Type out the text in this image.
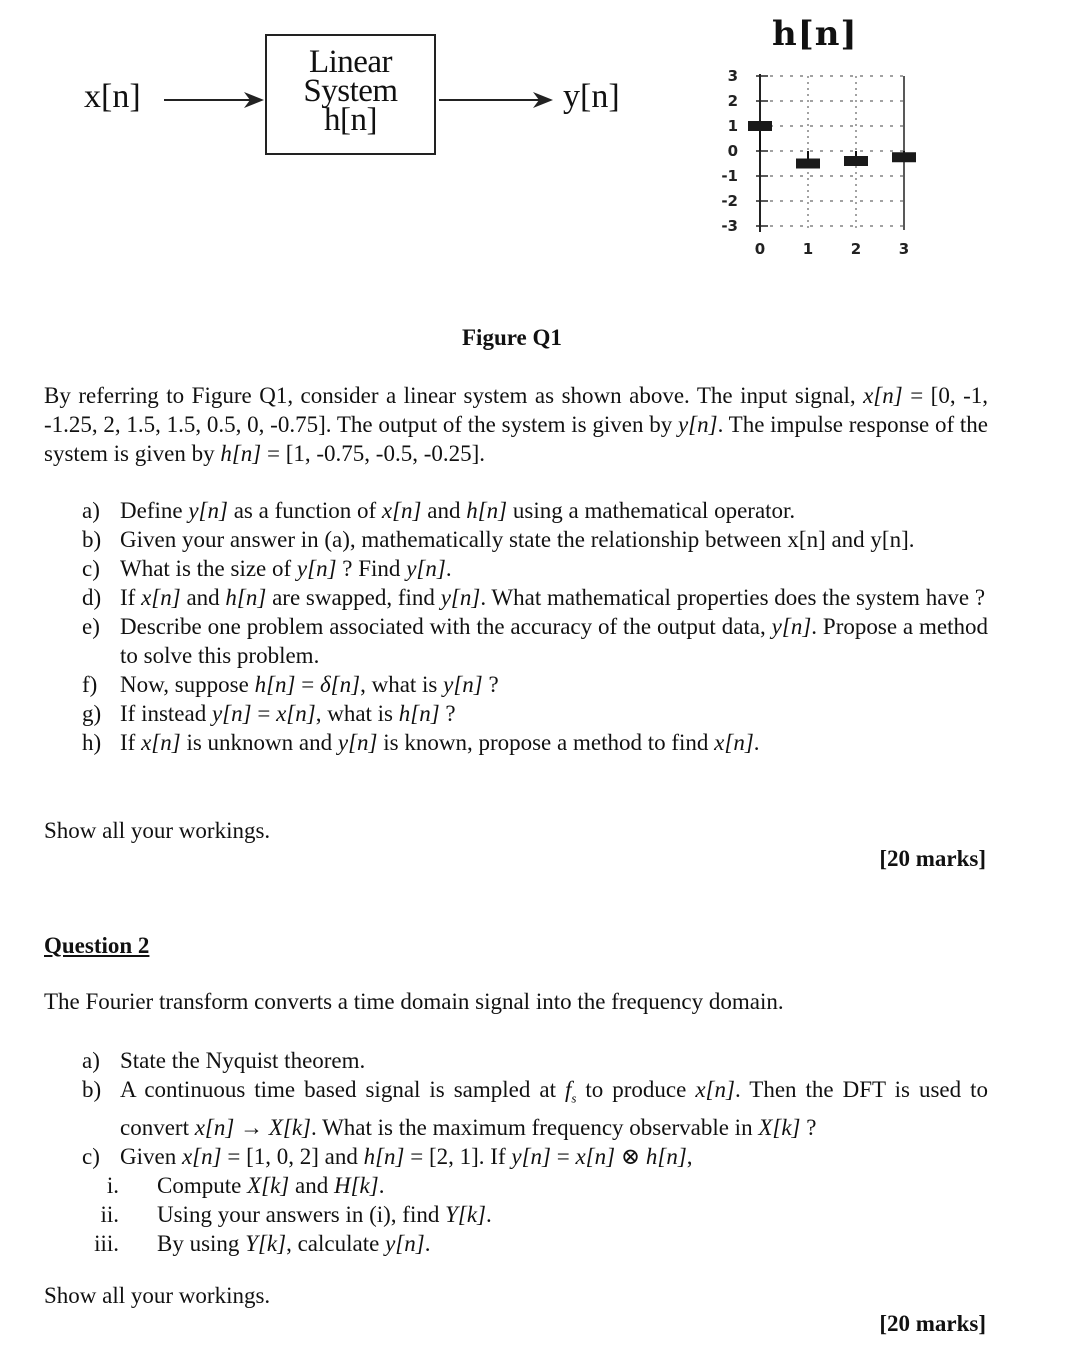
x[n]
Linear
System
h[n]
y[n]
h[n]
3
2
1
0
-1
-2
-3
0	1	2	3
Figure Q1
By referring to Figure Q1, consider a linear system as shown above. The input signal, x[n] = [0, -1, -1.25, 2, 1.5, 1.5, 0.5, 0, -0.75]. The output of the system is given by y[n]. The impulse response of the system is given by h[n] = [1, -0.75, -0.5, -0.25].
a) Define y[n] as a function of x[n] and h[n] using a mathematical operator.
b) Given your answer in (a), mathematically state the relationship between x[n] and y[n].
c) What is the size of y[n] ? Find y[n].
d) If x[n] and h[n] are swapped, find y[n]. What mathematical properties does the system have ?
e) Describe one problem associated with the accuracy of the output data, y[n]. Propose a method to solve this problem.
f) Now, suppose h[n] = δ[n], what is y[n] ?
g) If instead y[n] = x[n], what is h[n] ?
h) If x[n] is unknown and y[n] is known, propose a method to find x[n].
Show all your workings.
[20 marks]
Question 2
The Fourier transform converts a time domain signal into the frequency domain.
a) State the Nyquist theorem.
b) A continuous time based signal is sampled at $f_s$ to produce x[n]. Then the DFT is used to convert x[n] → X[k]. What is the maximum frequency observable in X[k] ?
c) Given x[n] = [1, 0, 2] and h[n] = [2, 1]. If y[n] = x[n] ⊗ h[n],
i.	Compute X[k] and H[k].
ii.	Using your answers in (i), find Y[k].
iii.	By using Y[k], calculate y[n].
Show all your workings.
[20 marks]
